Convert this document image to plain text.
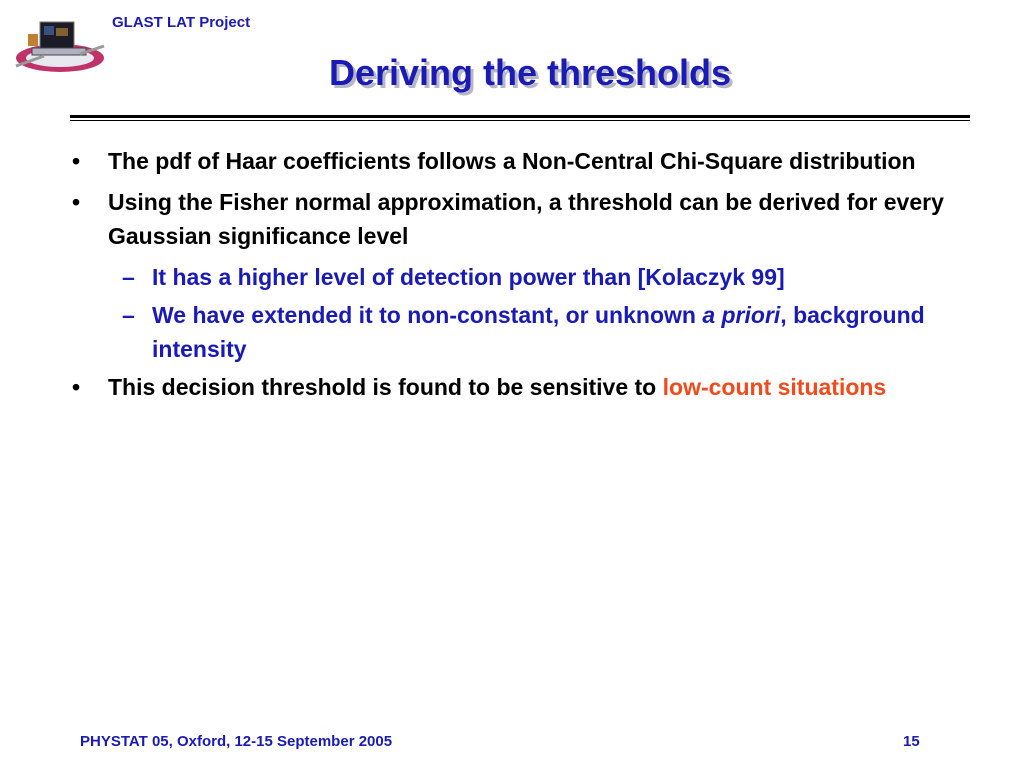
GLAST LAT Project
Deriving the thresholds
• The pdf of Haar coefficients follows a Non-Central Chi-Square distribution
• Using the Fisher normal approximation, a threshold can be derived for every Gaussian significance level
– It has a higher level of detection power than [Kolaczyk 99]
– We have extended it to non-constant, or unknown a priori, background intensity
• This decision threshold is found to be sensitive to low-count situations
PHYSTAT 05, Oxford, 12-15 September 2005	15
